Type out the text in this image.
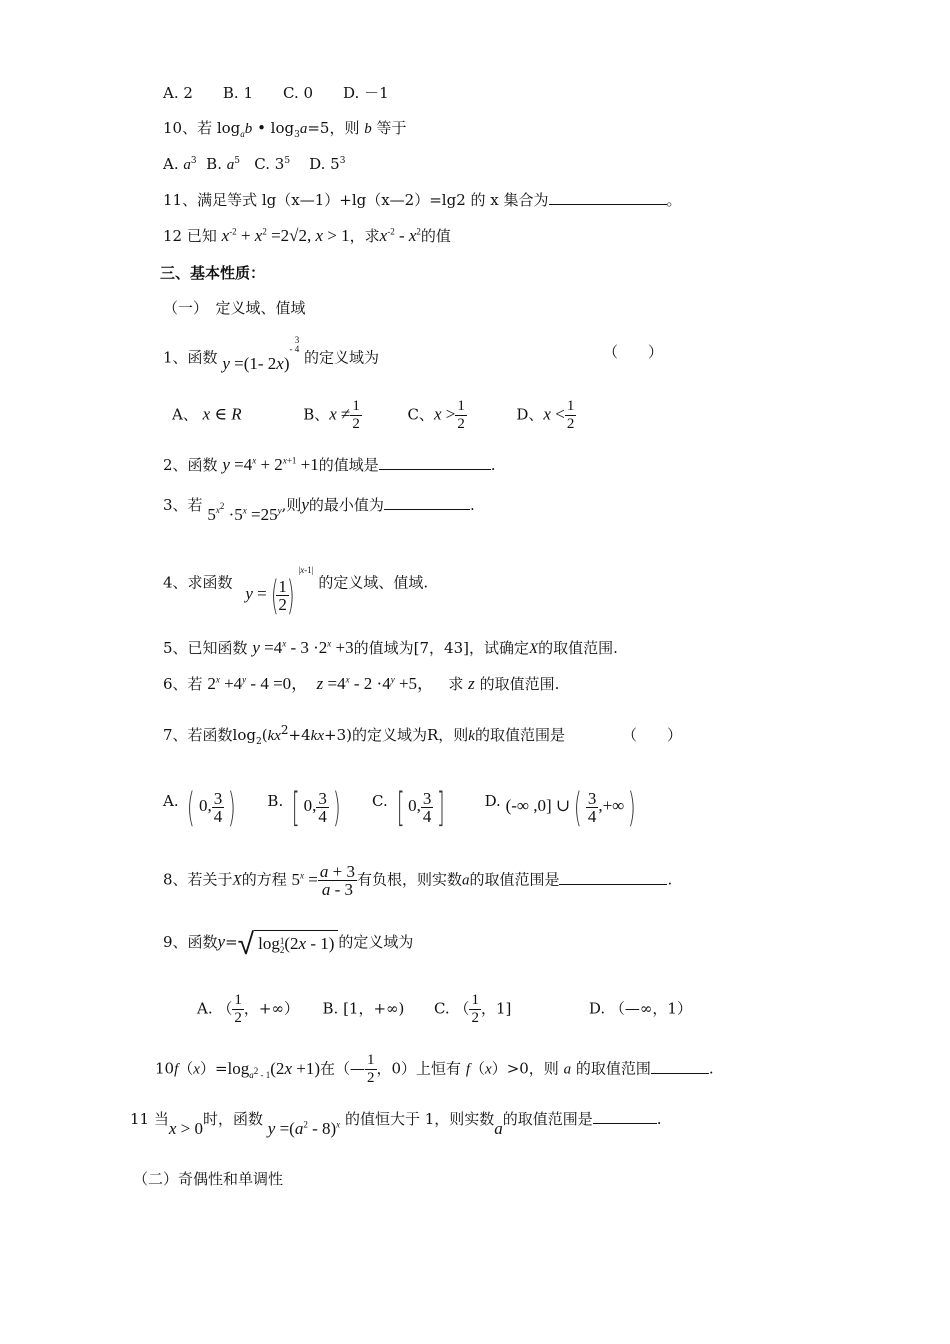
A. 2　　B. 1　　C. 0　　D. －1
10、若 $\log_ab$ • $\log_3a=5$，则 b 等于
A. $a^3$ B. $a^5$ C. $3^5$ D. $5^3$
11、满足等式 lg（x—1）+lg（x—2）=lg2 的 x 集合为	。
12 已知 $x^{-2} + x^2 =2√2$, x > 1，求$x^{-2} - x^2$的值
三、基本性质：
（一）　定义域、值域
1、函数 y =(1- 2x)$^{- 3 4}$ 的定义域为	（　　）
A、 x ∈ R	B、$x \ne \frac{1}{2}$	C、$x > \frac{1}{2}$	D、$x < \frac{1}{2}$
2、函数 $y =4^x + 2^{x+1} +1$的值域是	.
3、若 $5^{x^2} \cdot 5^x =25^y$,则y的最小值为	.
4、求函数 y =(
$\frac{1}{2}$
)$^{|x-1|}$ 的定义域、值域.
5、已知函数 $y =4^x - 3 \cdot 2^x +3$的值域为[7，43]，试确定X的取值范围.
6、若 $2^x +4^y - 4 =0$，  $z =4^x - 2 \cdot 4^y +5$， 求 z 的取值范围.
7、若函数$\log_2(kx^2+4kx+3)$的定义域为R，则k的取值范围是	（　　）
A. ( 0, $\frac{3}{4}$ ) B. [ 0, $\frac{3}{4}$ ) C. [ 0, $\frac{3}{4}$ ]	D. (-∞ ,0] ∪( $\frac{3}{4}$ ,+∞)
8、若关于X的方程 $5^x = \frac{a + 3}{a - 3}$ 有负根，则实数a的取值范围是	.
9、函数y=√ $\log_{1 2}(2x - 1)$ 的定义域为
A. （ $\frac{1}{2}$ ，+∞） B. [1，+∞) C. （ $\frac{1}{2}$ ，1]	D. （—∞，1）
$10f(x)=\log_{a^2 - 1}(2x +1)$在（— $\frac{1}{2}$ ，0）上恒有 f（x）>0，则 a 的取值范围	.
11 当x > 0时，函数 $y =(a^2 - 8)^x$ 的值恒大于 1，则实数a的取值范围是	.
（二）奇偶性和单调性
